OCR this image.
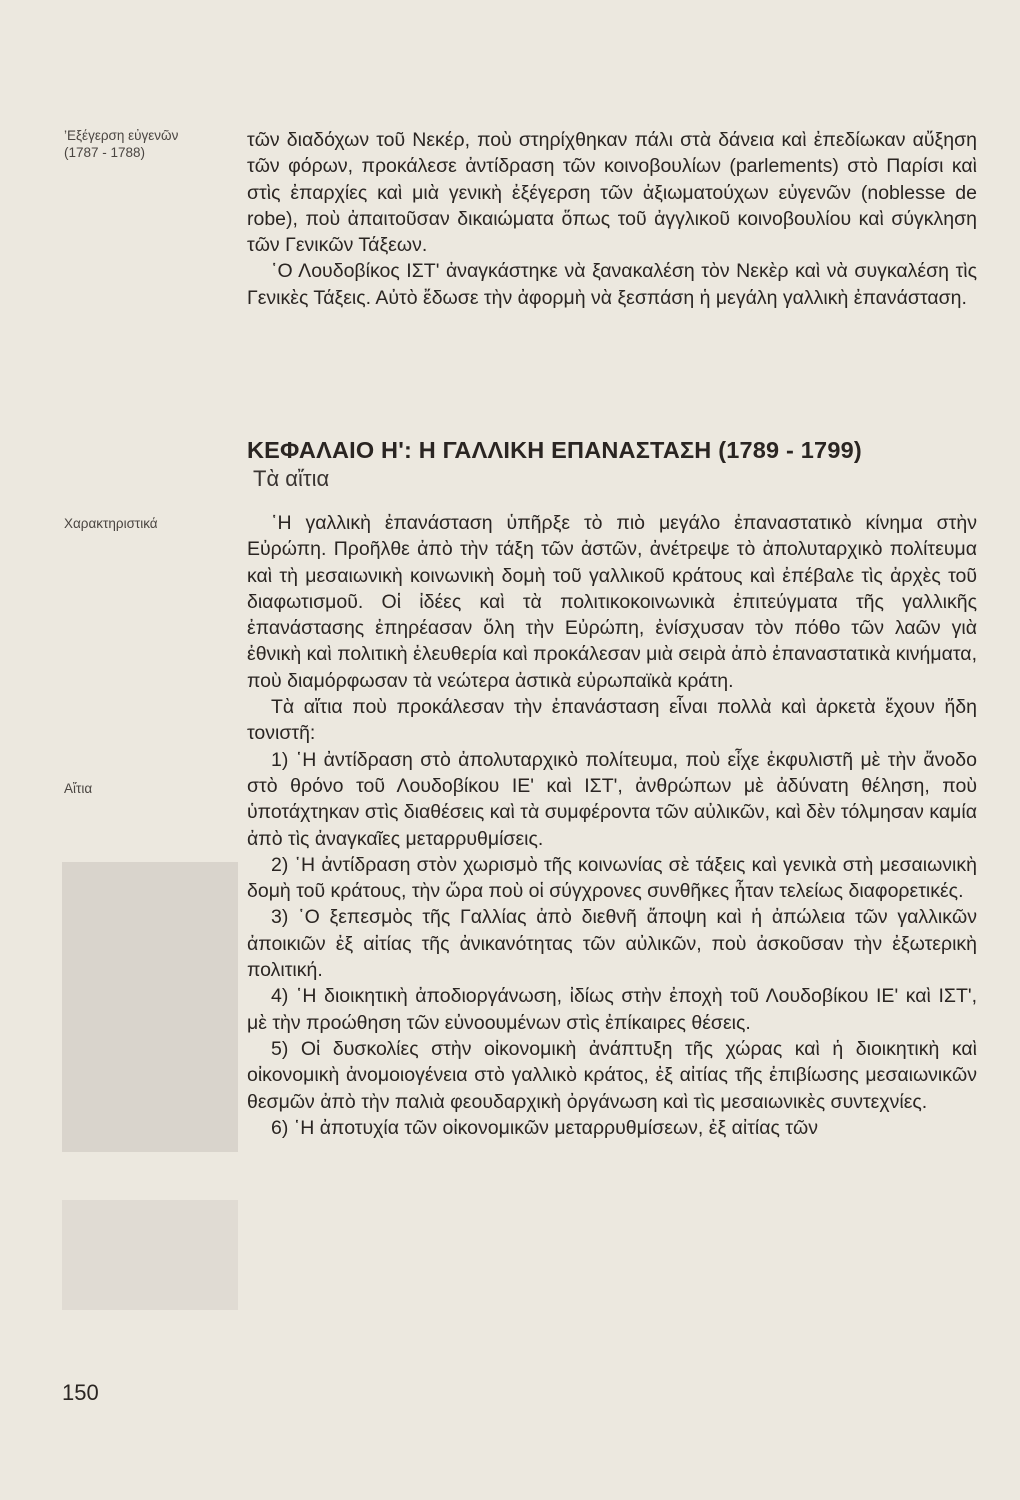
’Εξέγερση εὐγενῶν
(1787 - 1788)
Χαρακτηριστικά
Αἴτια
150

τῶν διαδόχων τοῦ Νεκέρ, ποὺ στηρίχθηκαν πάλι στὰ δάνεια καὶ ἐπεδίωκαν αὔξηση τῶν φόρων, προκάλεσε ἀντίδραση τῶν κοινοβουλίων (parlements) στὸ Παρίσι καὶ στὶς ἐπαρχίες καὶ μιὰ γενικὴ ἐξέγερση τῶν ἀξιωματούχων εὐγενῶν (noblesse de robe), ποὺ ἀπαιτοῦσαν δικαιώματα ὅπως τοῦ ἀγγλικοῦ κοινοβουλίου καὶ σύγκληση τῶν Γενικῶν Τάξεων.

῾Ο Λουδοβίκος ΙΣΤ' ἀναγκάστηκε νὰ ξανακαλέση τὸν Νεκὲρ καὶ νὰ συγκαλέση τὶς Γενικὲς Τάξεις. Αὐτὸ ἔδωσε τὴν ἀφορμὴ νὰ ξεσπάση ἡ μεγάλη γαλλικὴ ἐπανάσταση.

ΚΕΦΑΛΑΙΟ Η': Η ΓΑΛΛΙΚΗ ΕΠΑΝΑΣΤΑΣΗ (1789 - 1799)
Τὰ αἴτια

῾Η γαλλικὴ ἐπανάσταση ὑπῆρξε τὸ πιὸ μεγάλο ἐπαναστατικὸ κίνημα στὴν Εὐρώπη. Προῆλθε ἀπὸ τὴν τάξη τῶν ἀστῶν, ἀνέτρεψε τὸ ἀπολυταρχικὸ πολίτευμα καὶ τὴ μεσαιωνικὴ κοινωνικὴ δομὴ τοῦ γαλλικοῦ κράτους καὶ ἐπέβαλε τὶς ἀρχὲς τοῦ διαφωτισμοῦ. Οἱ ἰδέες καὶ τὰ πολιτικοκοινωνικὰ ἐπιτεύγματα τῆς γαλλικῆς ἐπανάστασης ἐπηρέασαν ὅλη τὴν Εὐρώπη, ἐνίσχυσαν τὸν πόθο τῶν λαῶν γιὰ ἐθνικὴ καὶ πολιτικὴ ἐλευθερία καὶ προκάλεσαν μιὰ σειρὰ ἀπὸ ἐπαναστατικὰ κινήματα, ποὺ διαμόρφωσαν τὰ νεώτερα ἀστικὰ εὐρωπαϊκὰ κράτη.

Τὰ αἴτια ποὺ προκάλεσαν τὴν ἐπανάσταση εἶναι πολλὰ καὶ ἀρκετὰ ἔχουν ἤδη τονιστῆ:

1) ῾Η ἀντίδραση στὸ ἀπολυταρχικὸ πολίτευμα, ποὺ εἶχε ἐκφυλιστῆ μὲ τὴν ἄνοδο στὸ θρόνο τοῦ Λουδοβίκου ΙΕ' καὶ ΙΣΤ', ἀνθρώπων μὲ ἀδύνατη θέληση, ποὺ ὑποτάχτηκαν στὶς διαθέσεις καὶ τὰ συμφέροντα τῶν αὐλικῶν, καὶ δὲν τόλμησαν καμία ἀπὸ τὶς ἀναγκαῖες μεταρρυθμίσεις.

2) ῾Η ἀντίδραση στὸν χωρισμὸ τῆς κοινωνίας σὲ τάξεις καὶ γενικὰ στὴ μεσαιωνικὴ δομὴ τοῦ κράτους, τὴν ὥρα ποὺ οἱ σύγχρονες συνθῆκες ἦταν τελείως διαφορετικές.

3) ῾Ο ξεπεσμὸς τῆς Γαλλίας ἀπὸ διεθνῆ ἄποψη καὶ ἡ ἀπώλεια τῶν γαλλικῶν ἀποικιῶν ἐξ αἰτίας τῆς ἀνικανότητας τῶν αὐλικῶν, ποὺ ἀσκοῦσαν τὴν ἐξωτερικὴ πολιτική.

4) ῾Η διοικητικὴ ἀποδιοργάνωση, ἰδίως στὴν ἐποχὴ τοῦ Λουδοβίκου ΙΕ' καὶ ΙΣΤ', μὲ τὴν προώθηση τῶν εὐνοουμένων στὶς ἐπίκαιρες θέσεις.

5) Οἱ δυσκολίες στὴν οἰκονομικὴ ἀνάπτυξη τῆς χώρας καὶ ἡ διοικητικὴ καὶ οἰκονομικὴ ἀνομοιογένεια στὸ γαλλικὸ κράτος, ἐξ αἰτίας τῆς ἐπιβίωσης μεσαιωνικῶν θεσμῶν ἀπὸ τὴν παλιὰ φεουδαρχικὴ ὀργάνωση καὶ τὶς μεσαιωνικὲς συντεχνίες.

6) ῾Η ἀποτυχία τῶν οἰκονομικῶν μεταρρυθμίσεων, ἐξ αἰτίας τῶν
